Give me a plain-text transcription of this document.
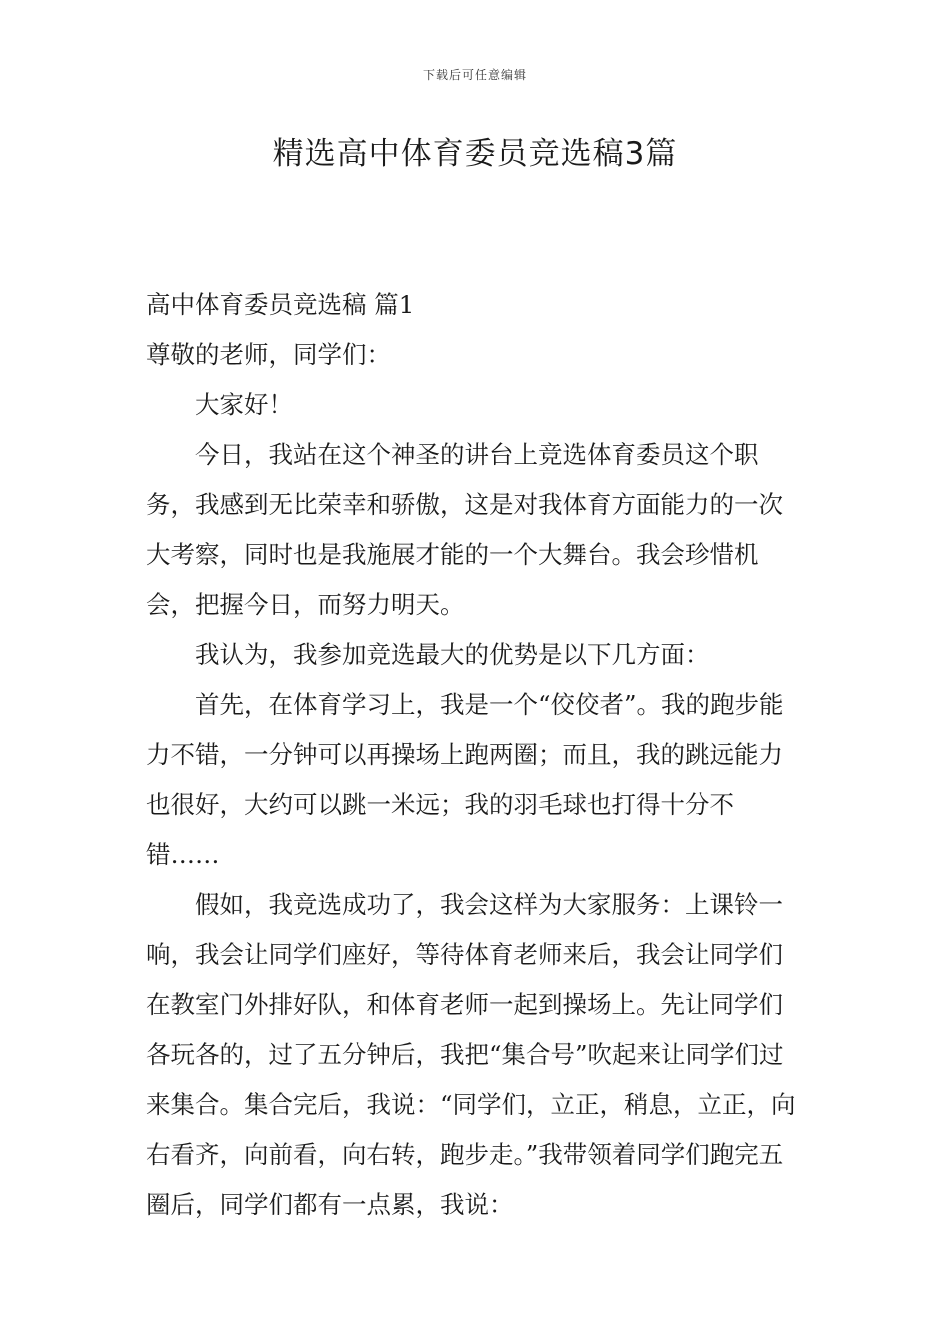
下载后可任意编辑
精选高中体育委员竞选稿3篇

高中体育委员竞选稿 篇1

尊敬的老师，同学们：

大家好！

今日，我站在这个神圣的讲台上竞选体育委员这个职务，我感到无比荣幸和骄傲，这是对我体育方面能力的一次大考察，同时也是我施展才能的一个大舞台。我会珍惜机会，把握今日，而努力明天。

我认为，我参加竞选最大的优势是以下几方面：

首先，在体育学习上，我是一个“佼佼者”。我的跑步能力不错，一分钟可以再操场上跑两圈；而且，我的跳远能力也很好，大约可以跳一米远；我的羽毛球也打得十分不错……

假如，我竞选成功了，我会这样为大家服务：上课铃一响，我会让同学们座好，等待体育老师来后，我会让同学们在教室门外排好队，和体育老师一起到操场上。先让同学们各玩各的，过了五分钟后，我把“集合号”吹起来让同学们过来集合。集合完后，我说：“同学们，立正，稍息，立正，向右看齐，向前看，向右转，跑步走。”我带领着同学们跑完五圈后，同学们都有一点累，我说：
